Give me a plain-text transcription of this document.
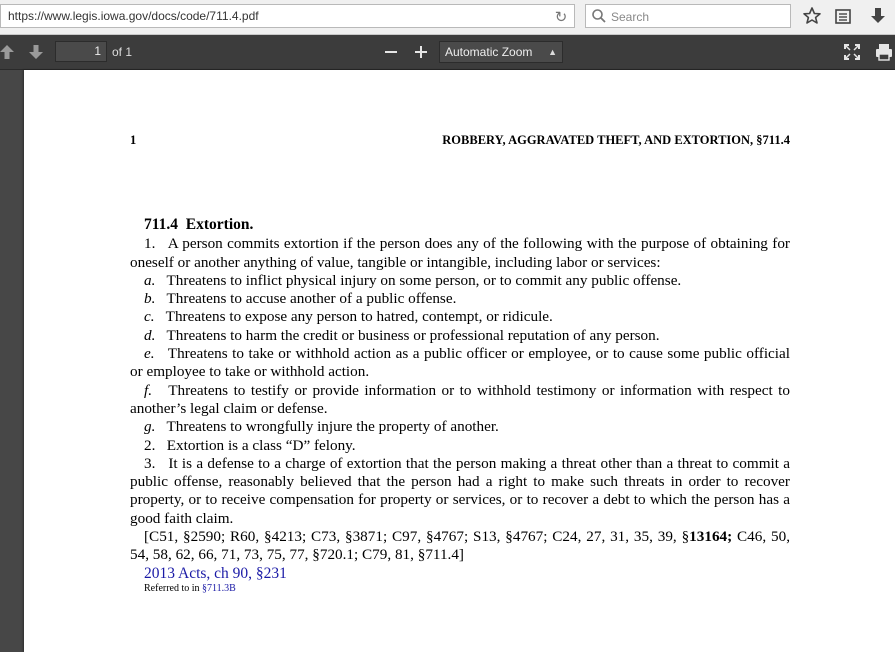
https://www.legis.iowa.gov/docs/code/711.4.pdf	↻	Search
1 of 1	Automatic Zoom ▲

1	ROBBERY, AGGRAVATED THEFT, AND EXTORTION, §711.4

711.4 Extortion.

1. A person commits extortion if the person does any of the following with the purpose of obtaining for oneself or another anything of value, tangible or intangible, including labor or services:

a. Threatens to inflict physical injury on some person, or to commit any public offense.

b. Threatens to accuse another of a public offense.

c. Threatens to expose any person to hatred, contempt, or ridicule.

d. Threatens to harm the credit or business or professional reputation of any person.

e. Threatens to take or withhold action as a public officer or employee, or to cause some public official or employee to take or withhold action.

f. Threatens to testify or provide information or to withhold testimony or information with respect to another’s legal claim or defense.

g. Threatens to wrongfully injure the property of another.

2. Extortion is a class “D” felony.

3. It is a defense to a charge of extortion that the person making a threat other than a threat to commit a public offense, reasonably believed that the person had a right to make such threats in order to recover property, or to receive compensation for property or services, or to recover a debt to which the person has a good faith claim.

[C51, §2590; R60, §4213; C73, §3871; C97, §4767; S13, §4767; C24, 27, 31, 35, 39, §13164; C46, 50, 54, 58, 62, 66, 71, 73, 75, 77, §720.1; C79, 81, §711.4]

2013 Acts, ch 90, §231

Referred to in §711.3B
